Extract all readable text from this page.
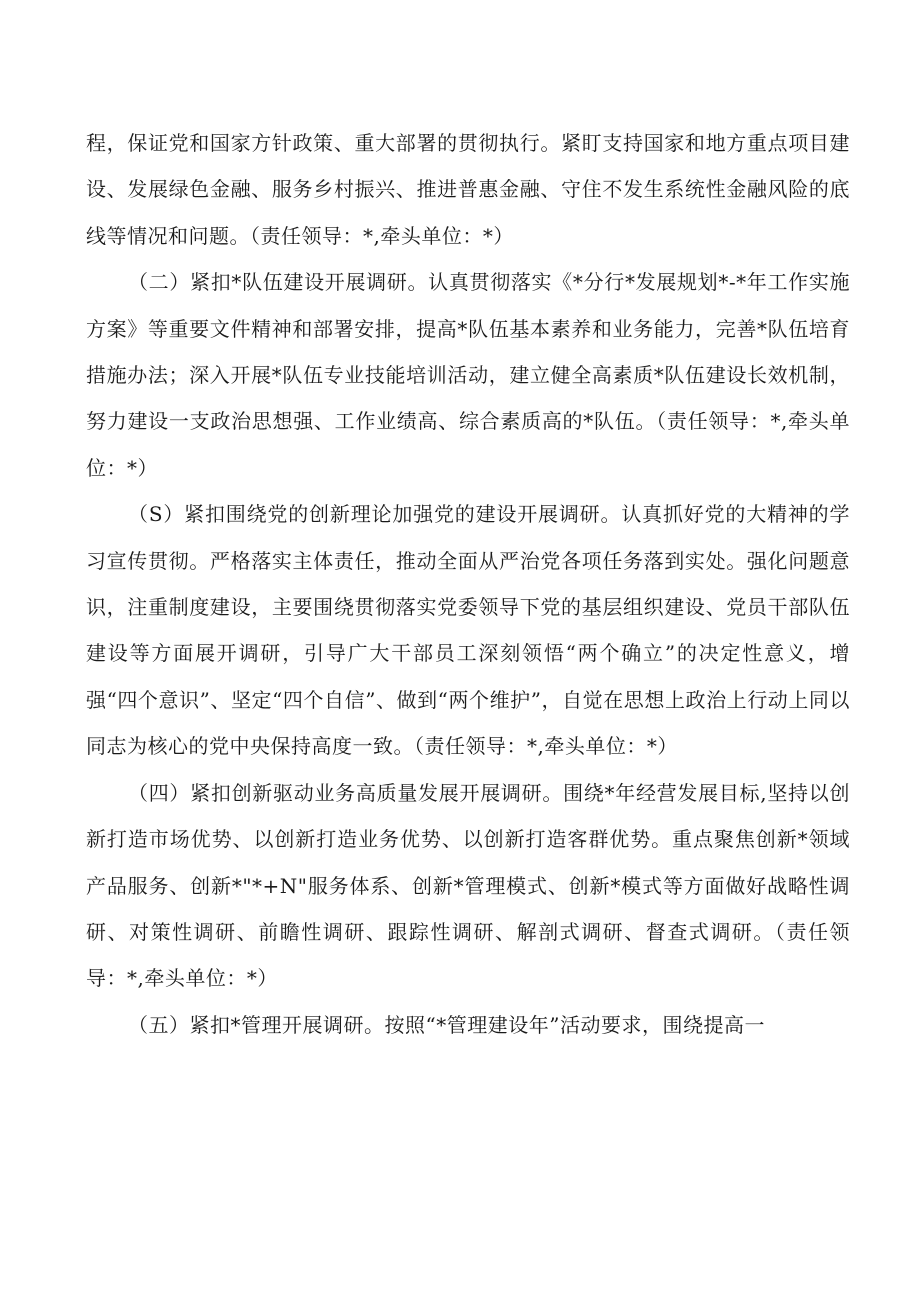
程，保证党和国家方针政策、重大部署的贯彻执行。紧盯支持国家和地方重点项目建设、发展绿色金融、服务乡村振兴、推进普惠金融、守住不发生系统性金融风险的底线等情况和问题。（责任领导：*,牵头单位：*）

（二）紧扣*队伍建设开展调研。认真贯彻落实《*分行*发展规划*-*年工作实施方案》等重要文件精神和部署安排，提高*队伍基本素养和业务能力，完善*队伍培育措施办法；深入开展*队伍专业技能培训活动，建立健全高素质*队伍建设长效机制，努力建设一支政治思想强、工作业绩高、综合素质高的*队伍。（责任领导：*,牵头单位：*）

（S）紧扣围绕党的创新理论加强党的建设开展调研。认真抓好党的大精神的学习宣传贯彻。严格落实主体责任，推动全面从严治党各项任务落到实处。强化问题意识，注重制度建设，主要围绕贯彻落实党委领导下党的基层组织建设、党员干部队伍建设等方面展开调研，引导广大干部员工深刻领悟“两个确立”的决定性意义，增强“四个意识”、坚定“四个自信”、做到“两个维护”，自觉在思想上政治上行动上同以同志为核心的党中央保持高度一致。（责任领导：*,牵头单位：*）

（四）紧扣创新驱动业务高质量发展开展调研。围绕*年经营发展目标,坚持以创新打造市场优势、以创新打造业务优势、以创新打造客群优势。重点聚焦创新*领域产品服务、创新*"*+N"服务体系、创新*管理模式、创新*模式等方面做好战略性调研、对策性调研、前瞻性调研、跟踪性调研、解剖式调研、督查式调研。（责任领导：*,牵头单位：*）

（五）紧扣*管理开展调研。按照“*管理建设年”活动要求，围绕提高一
